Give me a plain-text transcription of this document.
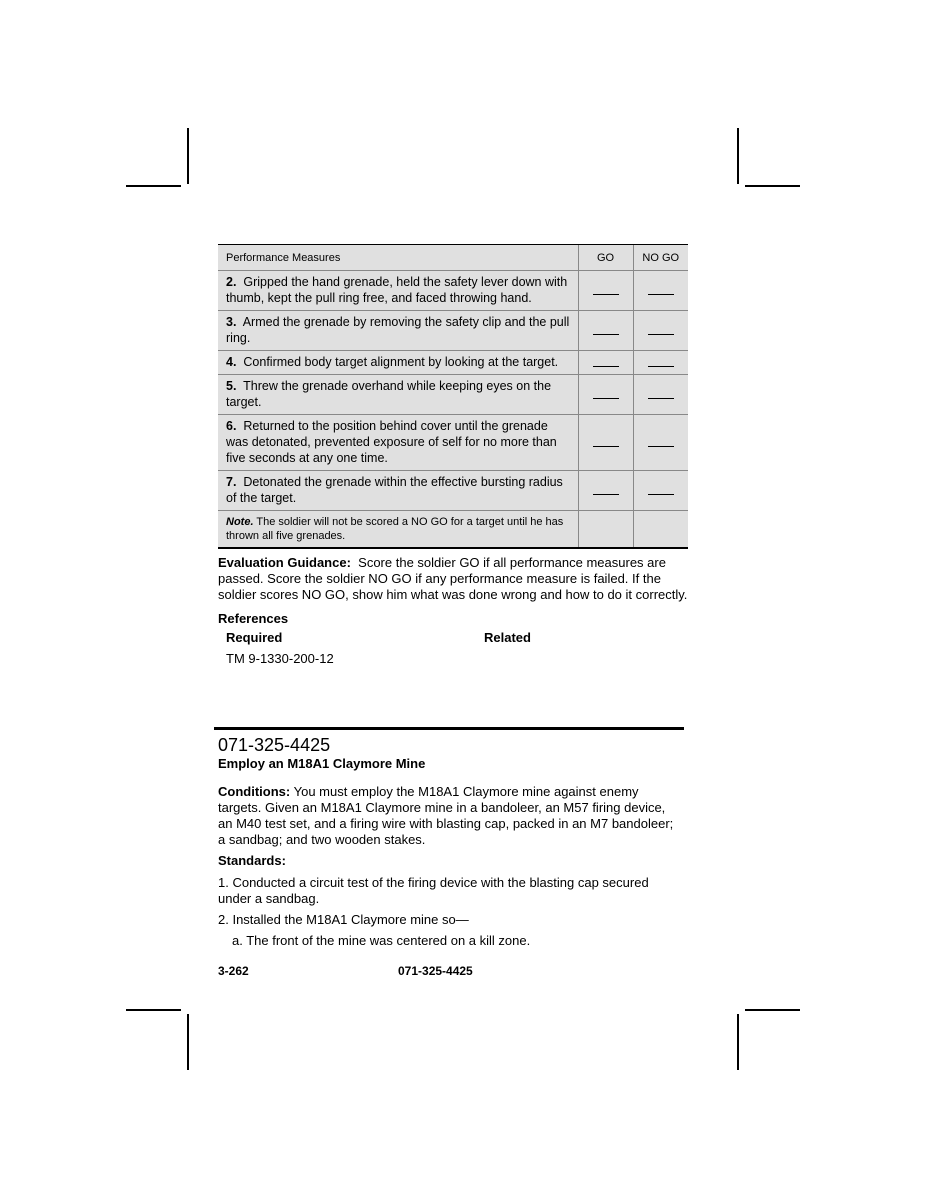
Performance Measures	GO	NO GO
2. Gripped the hand grenade, held the safety lever down with thumb, kept the pull ring free, and faced throwing hand.		
3. Armed the grenade by removing the safety clip and the pull ring.		
4. Confirmed body target alignment by looking at the target.		
5. Threw the grenade overhand while keeping eyes on the target.		
6. Returned to the position behind cover until the grenade was detonated, prevented exposure of self for no more than five seconds at any one time.		
7. Detonated the grenade within the effective bursting radius of the target.		
Note. The soldier will not be scored a NO GO for a target until he has thrown all five grenades.		

Evaluation Guidance: Score the soldier GO if all performance measures are passed. Score the soldier NO GO if any performance measure is failed. If the soldier scores NO GO, show him what was done wrong and how to do it correctly.

References
Required	Related
TM 9-1330-200-12
071-325-4425
Employ an M18A1 Claymore Mine

Conditions: You must employ the M18A1 Claymore mine against enemy targets. Given an M18A1 Claymore mine in a bandoleer, an M57 firing device, an M40 test set, and a firing wire with blasting cap, packed in an M7 bandoleer; a sandbag; and two wooden stakes.

Standards:

1. Conducted a circuit test of the firing device with the blasting cap secured under a sandbag.

2. Installed the M18A1 Claymore mine so—

a. The front of the mine was centered on a kill zone.

3-262	071-325-4425
